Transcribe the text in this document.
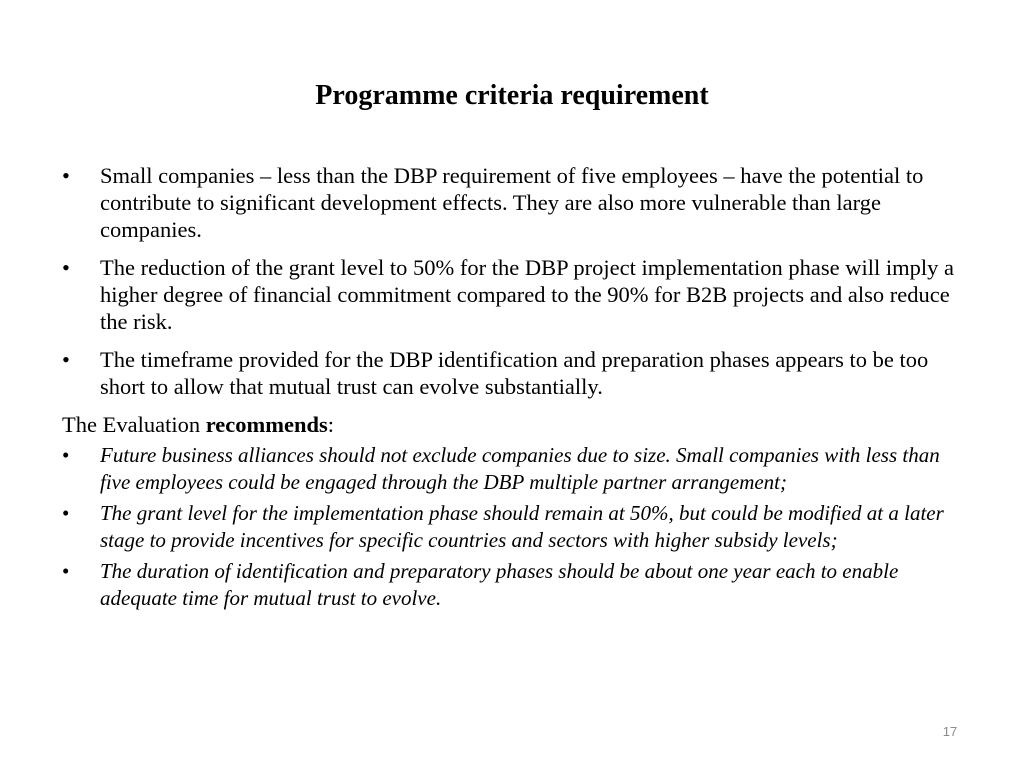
Programme criteria requirement
•	Small companies – less than the DBP requirement of five employees – have the potential to contribute to significant development effects. They are also more vulnerable than large companies.
•	The reduction of the grant level to 50% for the DBP project implementation phase will imply a higher degree of financial commitment compared to the 90% for B2B projects and also reduce the risk.
•	The timeframe provided for the DBP identification and preparation phases appears to be too short to allow that mutual trust can evolve substantially.
The Evaluation recommends:
•	Future business alliances should not exclude companies due to size. Small companies with less than five employees could be engaged through the DBP multiple partner arrangement;
•	The grant level for the implementation phase should remain at 50%, but could be modified at a later stage to provide incentives for specific countries and sectors with higher subsidy levels;
•	The duration of identification and preparatory phases should be about one year each to enable adequate time for mutual trust to evolve.
17
